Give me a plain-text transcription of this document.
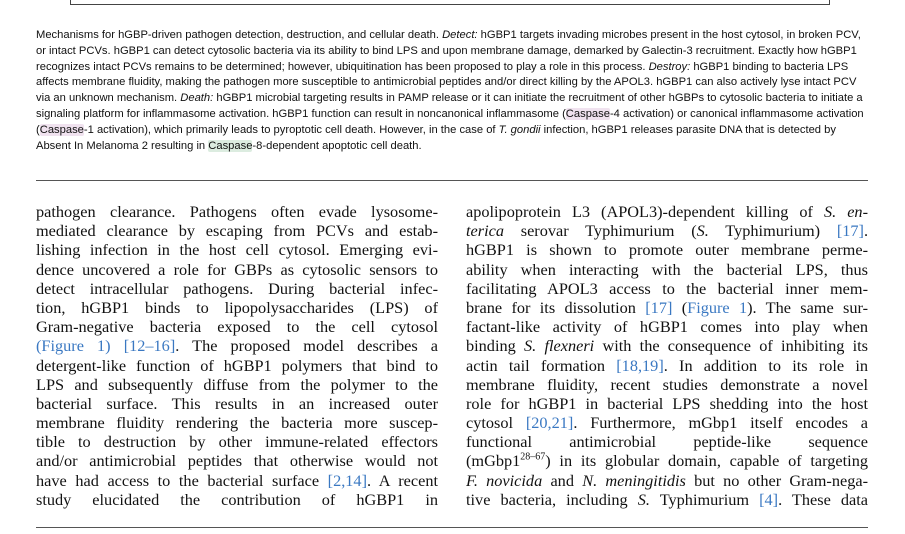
Mechanisms for hGBP-driven pathogen detection, destruction, and cellular death. Detect: hGBP1 targets invading microbes present in the host cytosol, in broken PCV, or intact PCVs. hGBP1 can detect cytosolic bacteria via its ability to bind LPS and upon membrane damage, demarked by Galectin-3 recruitment. Exactly how hGBP1 recognizes intact PCVs remains to be determined; however, ubiquitination has been proposed to play a role in this process. Destroy: hGBP1 binding to bacteria LPS affects membrane fluidity, making the pathogen more susceptible to antimicrobial peptides and/or direct killing by the APOL3. hGBP1 can also actively lyse intact PCV via an unknown mechanism. Death: hGBP1 microbial targeting results in PAMP release or it can initiate the recruitment of other hGBPs to cytosolic bacteria to initiate a signaling platform for inflammasome activation. hGBP1 function can result in noncanonical inflammasome (Caspase-4 activation) or canonical inflammasome activation (Caspase-1 activation), which primarily leads to pyroptotic cell death. However, in the case of T. gondii infection, hGBP1 releases parasite DNA that is detected by Absent In Melanoma 2 resulting in Caspase-8-dependent apoptotic cell death.
pathogen clearance. Pathogens often evade lysosome-
mediated clearance by escaping from PCVs and estab-
lishing infection in the host cell cytosol. Emerging evi-
dence uncovered a role for GBPs as cytosolic sensors to
detect intracellular pathogens. During bacterial infec-
tion, hGBP1 binds to lipopolysaccharides (LPS) of
Gram-negative bacteria exposed to the cell cytosol
(Figure 1) [12–16]. The proposed model describes a
detergent-like function of hGBP1 polymers that bind to
LPS and subsequently diffuse from the polymer to the
bacterial surface. This results in an increased outer
membrane fluidity rendering the bacteria more suscep-
tible to destruction by other immune-related effectors
and/or antimicrobial peptides that otherwise would not
have had access to the bacterial surface [2,14]. A recent
study elucidated the contribution of hGBP1 in
apolipoprotein L3 (APOL3)-dependent killing of S. en-
terica serovar Typhimurium (S. Typhimurium) [17].
hGBP1 is shown to promote outer membrane perme-
ability when interacting with the bacterial LPS, thus
facilitating APOL3 access to the bacterial inner mem-
brane for its dissolution [17] (Figure 1). The same sur-
factant-like activity of hGBP1 comes into play when
binding S. flexneri with the consequence of inhibiting its
actin tail formation [18,19]. In addition to its role in
membrane fluidity, recent studies demonstrate a novel
role for hGBP1 in bacterial LPS shedding into the host
cytosol [20,21]. Furthermore, mGbp1 itself encodes a
functional antimicrobial peptide-like sequence
(mGbp1$^{28-67}$) in its globular domain, capable of targeting
F. novicida and N. meningitidis but no other Gram-nega-
tive bacteria, including S. Typhimurium [4]. These data
